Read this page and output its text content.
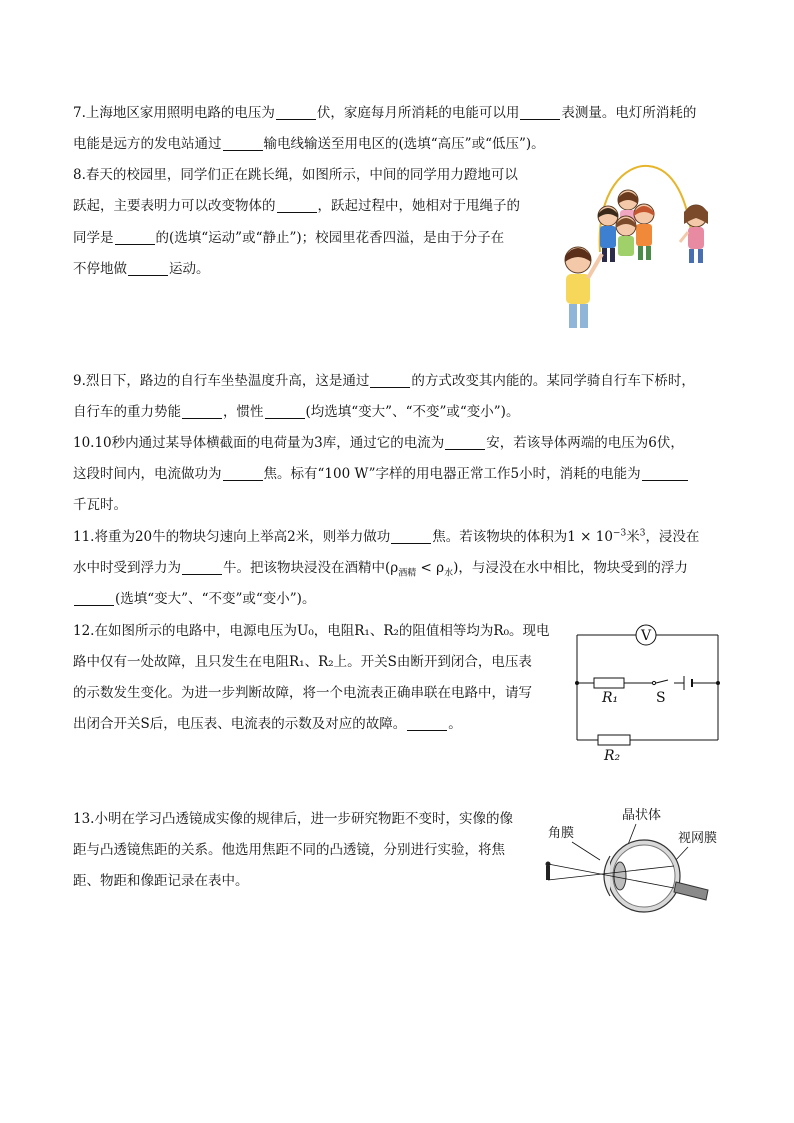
7.上海地区家用照明电路的电压为	伏，家庭每月所消耗的电能可以用	表测量。电灯所消耗的
电能是远方的发电站通过	输电线输送至用电区的(选填“高压”或“低压”)。
8.春天的校园里，同学们正在跳长绳，如图所示，中间的同学用力蹬地可以
跃起，主要表明力可以改变物体的	，跃起过程中，她相对于甩绳子的
同学是	的(选填“运动”或“静止”)；校园里花香四溢，是由于分子在
不停地做	运动。
9.烈日下，路边的自行车坐垫温度升高，这是通过	的方式改变其内能的。某同学骑自行车下桥时，
自行车的重力势能	，惯性	(均选填“变大”、“不变”或“变小”)。
10.10秒内通过某导体横截面的电荷量为3库，通过它的电流为	安，若该导体两端的电压为6伏，
这段时间内，电流做功为	焦。标有“100 W”字样的用电器正常工作5小时，消耗的电能为
千瓦时。
11.将重为20牛的物块匀速向上举高2米，则举力做功	焦。若该物块的体积为$1 \times 10^{-3}$米$^3$，浸没在
水中时受到浮力为	牛。把该物块浸没在酒精中$(\rho_{酒精} < \rho_水)$，与浸没在水中相比，物块受到的浮力
(选填“变大”、“不变”或“变小”)。
12.在如图所示的电路中，电源电压为U₀，电阻R₁、R₂的阻值相等均为R₀。现电
路中仅有一处故障，且只发生在电阻R₁、R₂上。开关S由断开到闭合，电压表
的示数发生变化。为进一步判断故障，将一个电流表正确串联在电路中，请写
出闭合开关S后，电压表、电流表的示数及对应的故障。	。
V
R₁	S
R₂
13.小明在学习凸透镜成实像的规律后，进一步研究物距不变时，实像的像
距与凸透镜焦距的关系。他选用焦距不同的凸透镜，分别进行实验，将焦
距、物距和像距记录在表中。
晶状体
角膜	视网膜
